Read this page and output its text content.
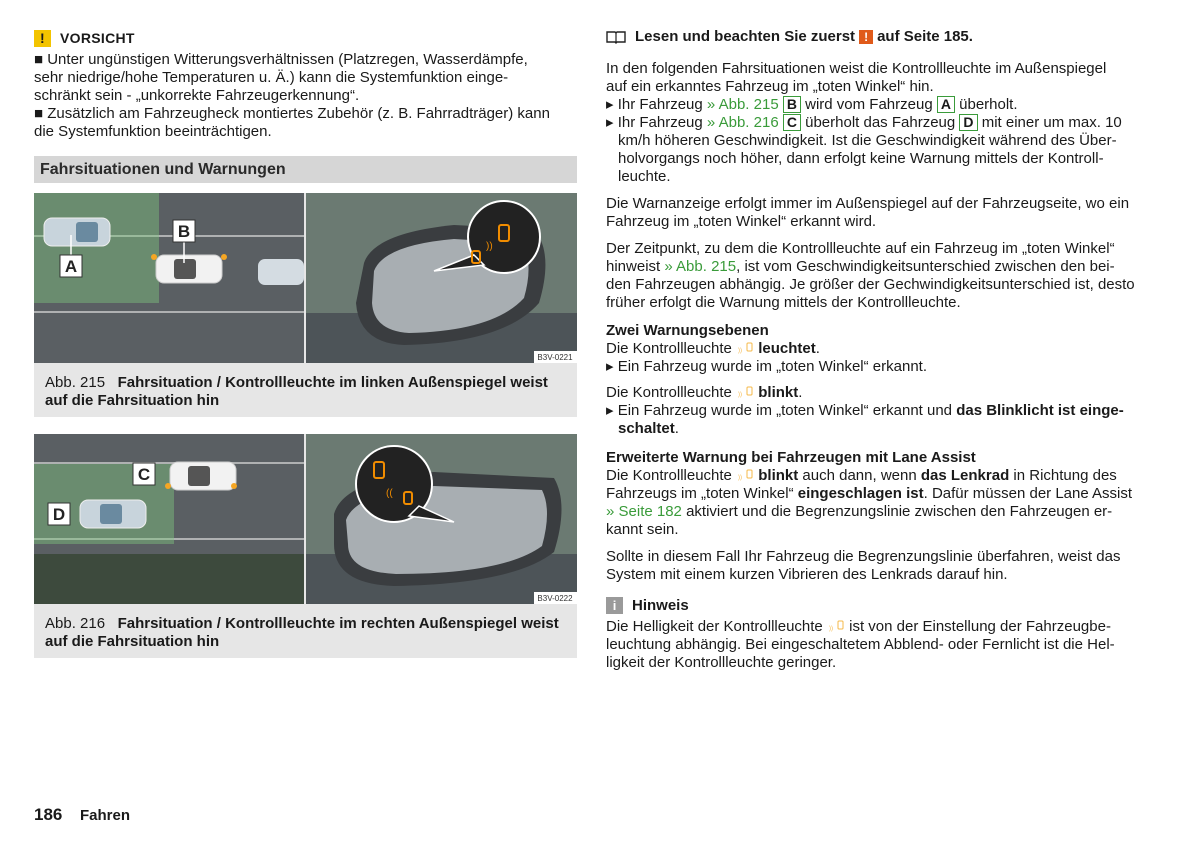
!	VORSICHT

■ Unter ungünstigen Witterungsverhältnissen (Platzregen, Wasserdämpfe,

sehr niedrige/hohe Temperaturen u. Ä.) kann die Systemfunktion einge-

schränkt sein - „unkorrekte Fahrzeugerkennung“.

■ Zusätzlich am Fahrzeugheck montiertes Zubehör (z. B. Fahrradträger) kann

die Systemfunktion beeinträchtigen.

Fahrsituationen und Warnungen
A
B
))
B3V-0221

Abb. 215 Fahrsituation / Kontrollleuchte im linken Außenspiegel weist
auf die Fahrsituation hin

C
D
((
B3V-0222

Abb. 216 Fahrsituation / Kontrollleuchte im rechten Außenspiegel weist
auf die Fahrsituation hin

Lesen und beachten Sie zuerst ! auf Seite 185.

In den folgenden Fahrsituationen weist die Kontrollleuchte im Außenspiegel

auf ein erkanntes Fahrzeug im „toten Winkel“ hin.

▸ Ihr Fahrzeug » Abb. 215 B wird vom Fahrzeug A überholt.

▸ Ihr Fahrzeug » Abb. 216 C überholt das Fahrzeug D mit einer um max. 10

km/h höheren Geschwindigkeit. Ist die Geschwindigkeit während des Über-

holvorgangs noch höher, dann erfolgt keine Warnung mittels der Kontroll-

leuchte.

Die Warnanzeige erfolgt immer im Außenspiegel auf der Fahrzeugseite, wo ein

Fahrzeug im „toten Winkel“ erkannt wird.

Der Zeitpunkt, zu dem die Kontrollleuchte auf ein Fahrzeug im „toten Winkel“

hinweist » Abb. 215, ist vom Geschwindigkeitsunterschied zwischen den bei-

den Fahrzeugen abhängig. Je größer der Gechwindigkeitsunterschied ist, desto

früher erfolgt die Warnung mittels der Kontrollleuchte.

Zwei Warnungsebenen

Die Kontrollleuchte )) leuchtet.

▸ Ein Fahrzeug wurde im „toten Winkel“ erkannt.

Die Kontrollleuchte )) blinkt.

▸ Ein Fahrzeug wurde im „toten Winkel“ erkannt und das Blinklicht ist einge-

schaltet.

Erweiterte Warnung bei Fahrzeugen mit Lane Assist

Die Kontrollleuchte )) blinkt auch dann, wenn das Lenkrad in Richtung des

Fahrzeugs im „toten Winkel“ eingeschlagen ist. Dafür müssen der Lane Assist

» Seite 182 aktiviert und die Begrenzungslinie zwischen den Fahrzeugen er-

kannt sein.

Sollte in diesem Fall Ihr Fahrzeug die Begrenzungslinie überfahren, weist das

System mit einem kurzen Vibrieren des Lenkrads darauf hin.

i	Hinweis

Die Helligkeit der Kontrollleuchte )) ist von der Einstellung der Fahrzeugbe-

leuchtung abhängig. Bei eingeschaltetem Abblend- oder Fernlicht ist die Hel-

ligkeit der Kontrollleuchte geringer.

186 Fahren
